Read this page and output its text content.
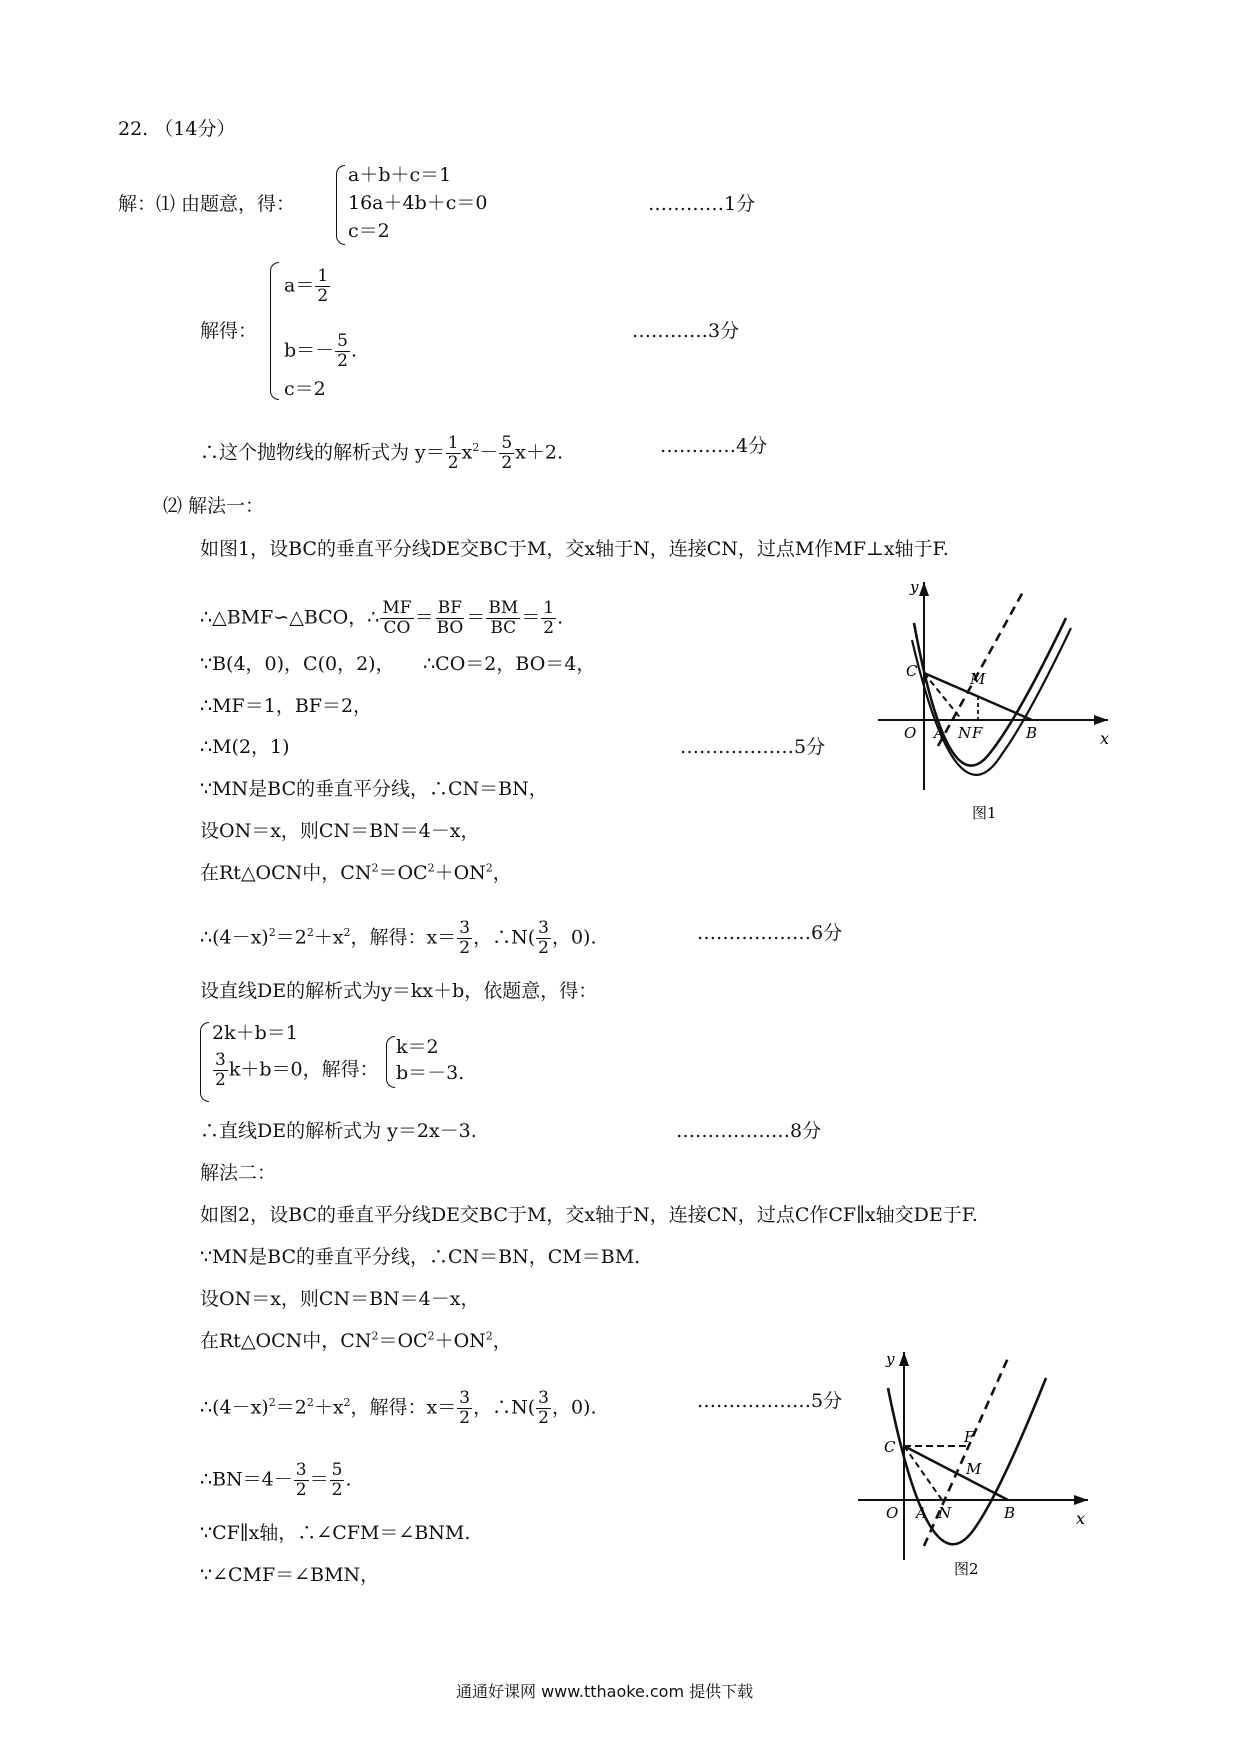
22. （14分）
解：⑴ 由题意，得：
a＋b＋c＝1
16a＋4b＋c＝0
c＝2
…………1分
解得：
$a= \frac{1}{2}$
$b=- \frac{5}{2}$ .
c＝2
…………3分
∴这个抛物线的解析式为 $y= \frac{1}{2} x^2- \frac{5}{2} x+2$.	…………4分
⑵ 解法一：
如图1，设BC的垂直平分线DE交BC于M，交x轴于N，连接CN，过点M作MF⊥x轴于F.
∴△BMF∽△BCO，∴ $\frac{MF}{CO} = \frac{BF}{BO} = \frac{BM}{BC} = \frac{1}{2}$ .
∵B(4，0)，C(0，2)，　　∴CO＝2，BO＝4，
∴MF＝1，BF＝2，
∴M(2，1)	………………5分
∵MN是BC的垂直平分线，∴CN＝BN，
设ON＝x，则CN＝BN＝4－x，
在Rt△OCN中，$CN^2=OC^2+ON^2$，
$\therefore(4-x)^2=2^2+x^2$，解得：$x= \frac{3}{2}$ ，∴N( $\frac{3}{2}$ ，0).	………………6分
设直线DE的解析式为y＝kx＋b，依题意，得：
2k＋b＝1
$\frac{3}{2} k+b=0$，解得：
k＝2
b＝－3.
∴直线DE的解析式为 y＝2x－3.	………………8分
解法二：
如图2，设BC的垂直平分线DE交BC于M，交x轴于N，连接CN，过点C作CF∥x轴交DE于F.
∵MN是BC的垂直平分线，∴CN＝BN，CM＝BM.
设ON＝x，则CN＝BN＝4－x，
在Rt△OCN中，$CN^2=OC^2+ON^2$，
$\therefore(4-x)^2=2^2+x^2$，解得：$x= \frac{3}{2}$ ，∴N( $\frac{3}{2}$ ，0).	………………5分
∴BN＝4－ $\frac{3}{2} = \frac{5}{2}$ .
∵CF∥x轴，∴∠CFM＝∠BNM.
∵∠CMF＝∠BMN，
y
x
C	M
O A N F	B
图1
y
x
C
F
M
O A N	B
图2
通通好课网 www.tthaoke.com 提供下载
